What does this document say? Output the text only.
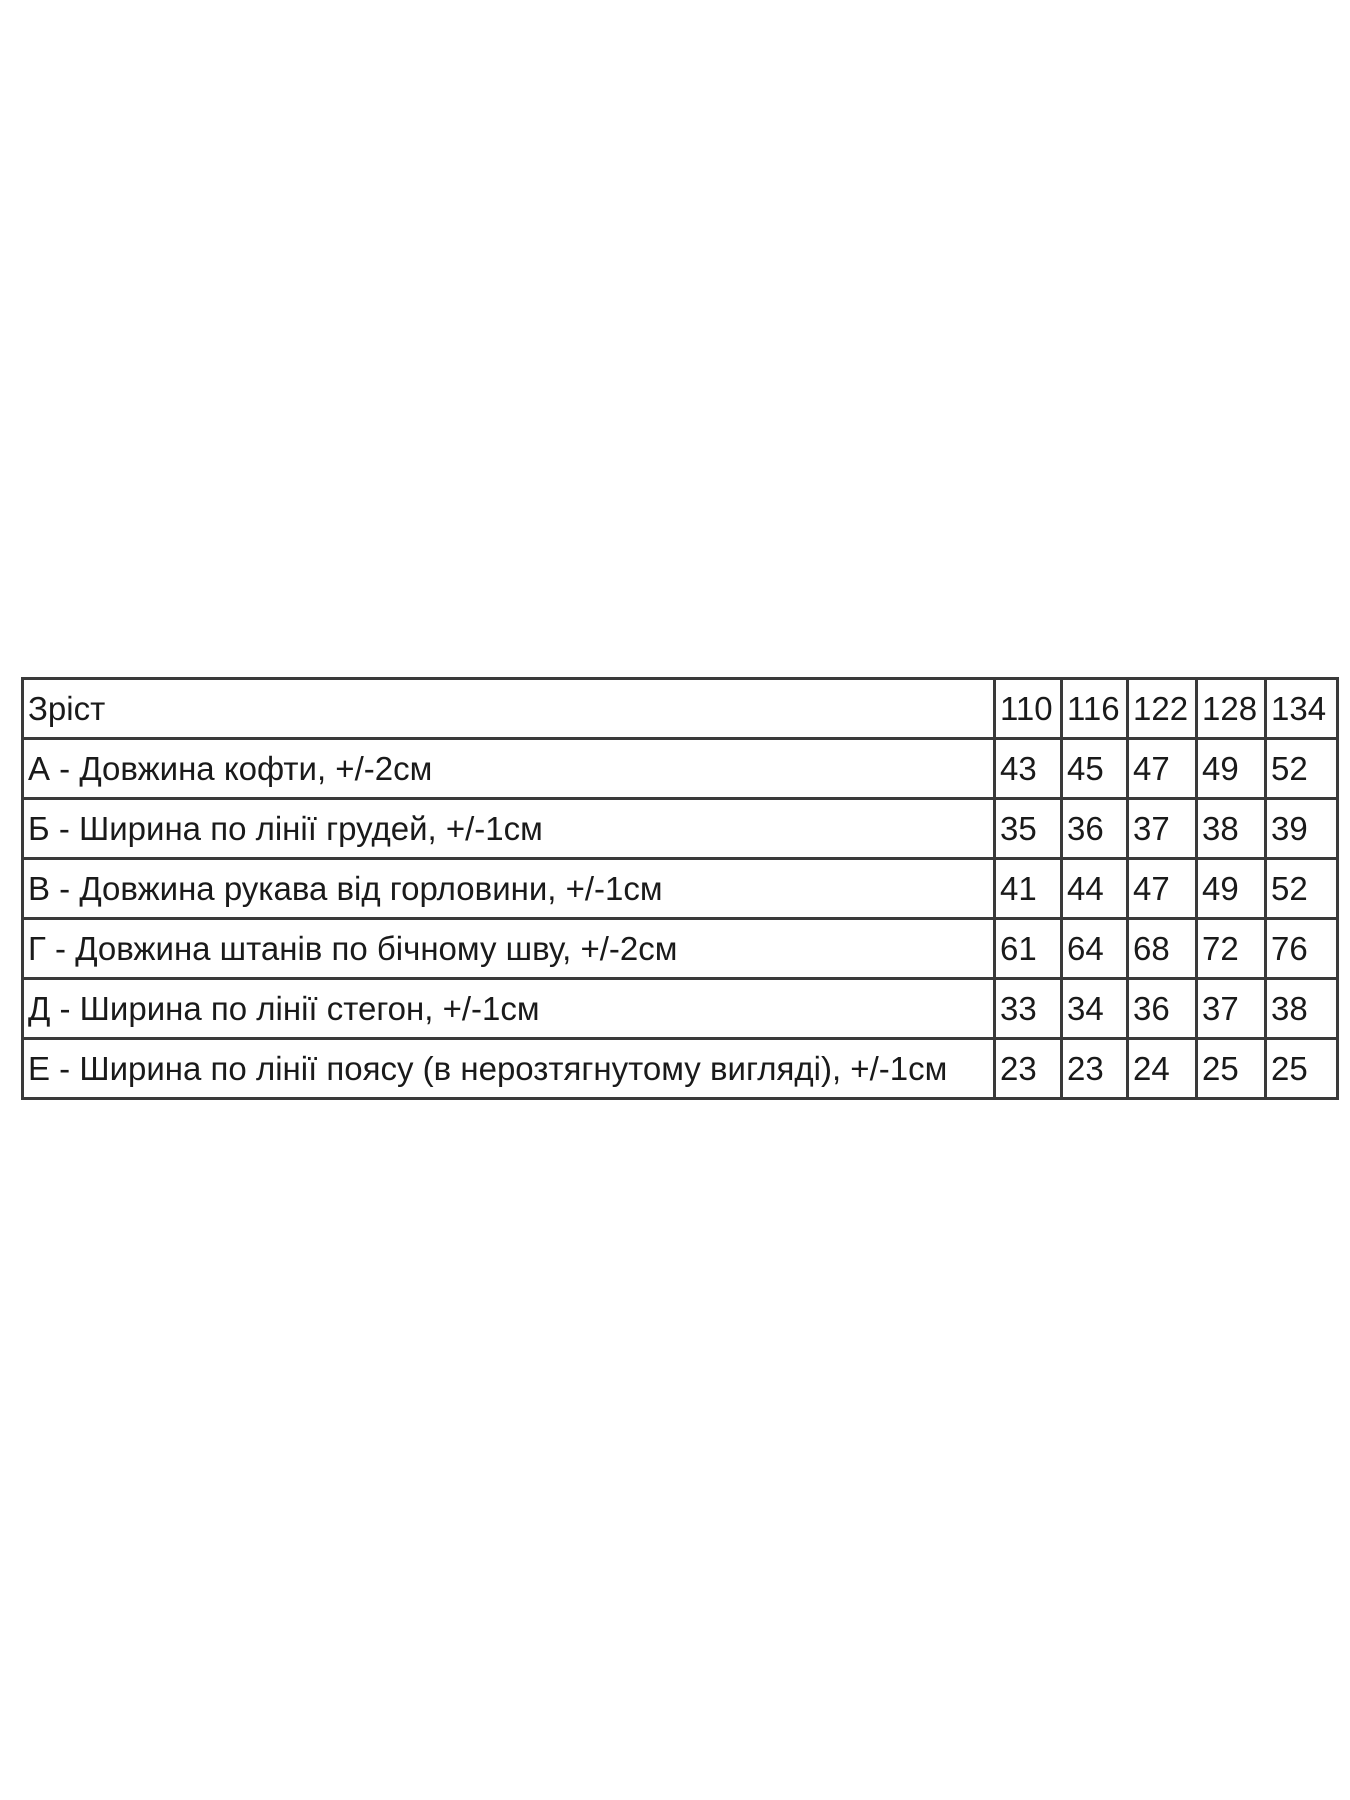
Зріст	110	116	122	128	134
А - Довжина кофти, +/-2см	43	45	47	49	52
Б - Ширина по лінії грудей, +/-1см	35	36	37	38	39
В - Довжина рукава від горловини, +/-1см	41	44	47	49	52
Г - Довжина штанів по бічному шву, +/-2см	61	64	68	72	76
Д - Ширина по лінії стегон, +/-1см	33	34	36	37	38
Е - Ширина по лінії поясу (в нерозтягнутому вигляді), +/-1см	23	23	24	25	25
